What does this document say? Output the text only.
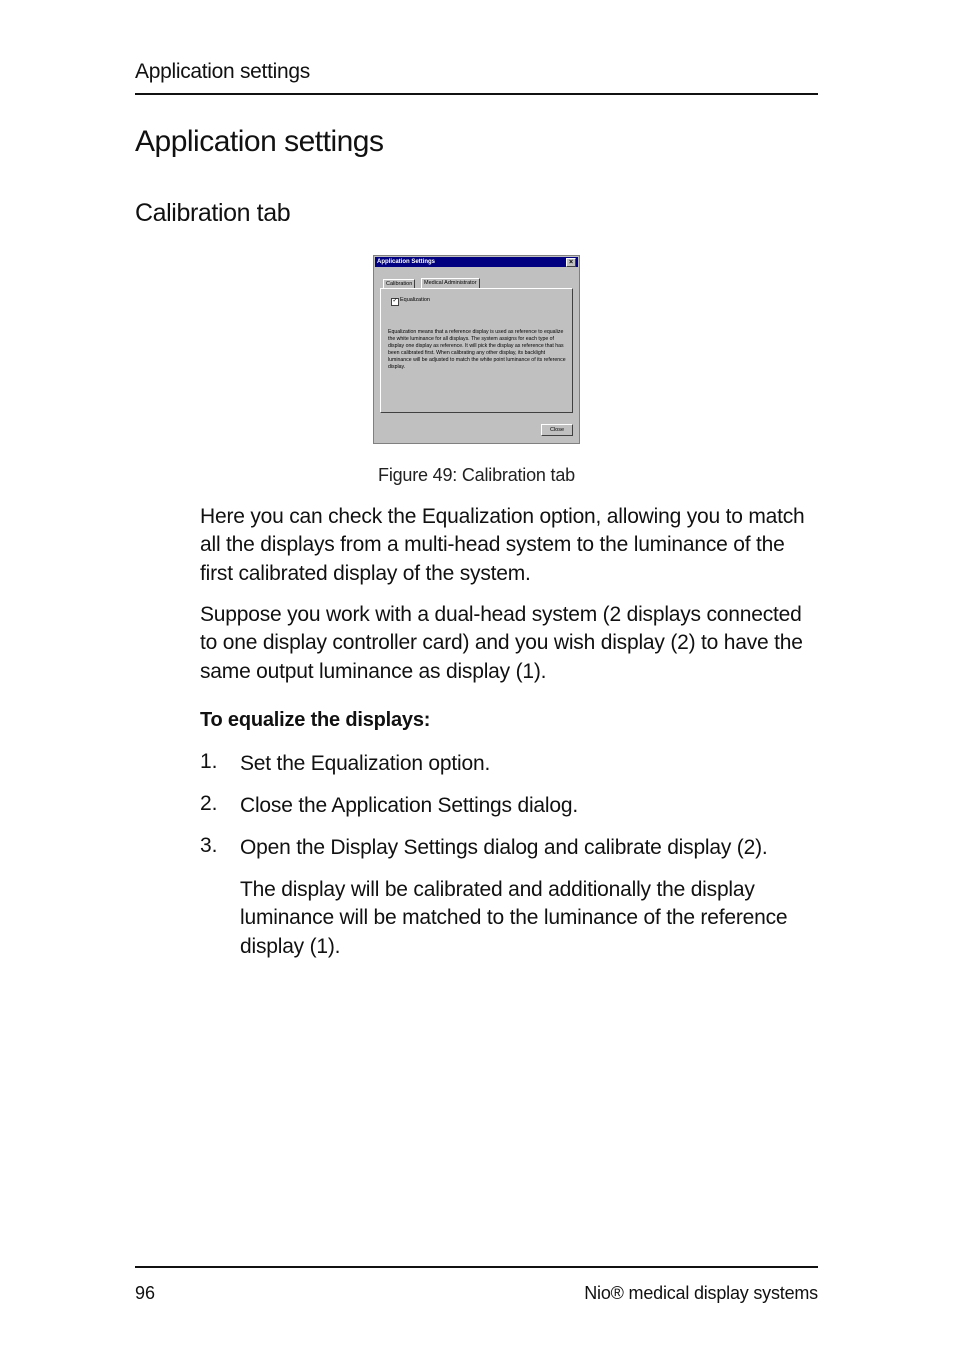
Application settings
Application settings
Calibration tab
Application Settings	×
Calibration	Medical Administrator
✓ Equalization
Equalization means that a reference display is used as reference to equalize the white luminance for all displays. The system assigns for each type of display one display as reference. It will pick the display as reference that has been calibrated first. When calibrating any other display, its backlight luminance will be adjusted to match the white point luminance of its reference display.
Close
Figure 49: Calibration tab
Here you can check the Equalization option, allowing you to match all the displays from a multi-head system to the luminance of the first calibrated display of the system.
Suppose you work with a dual-head system (2 displays connected to one display controller card) and you wish display (2) to have the same output luminance as display (1).
To equalize the displays:
1. Set the Equalization option.
2. Close the Application Settings dialog.
3. Open the Display Settings dialog and calibrate display (2).
The display will be calibrated and additionally the display luminance will be matched to the luminance of the reference display (1).
96	Nio® medical display systems
